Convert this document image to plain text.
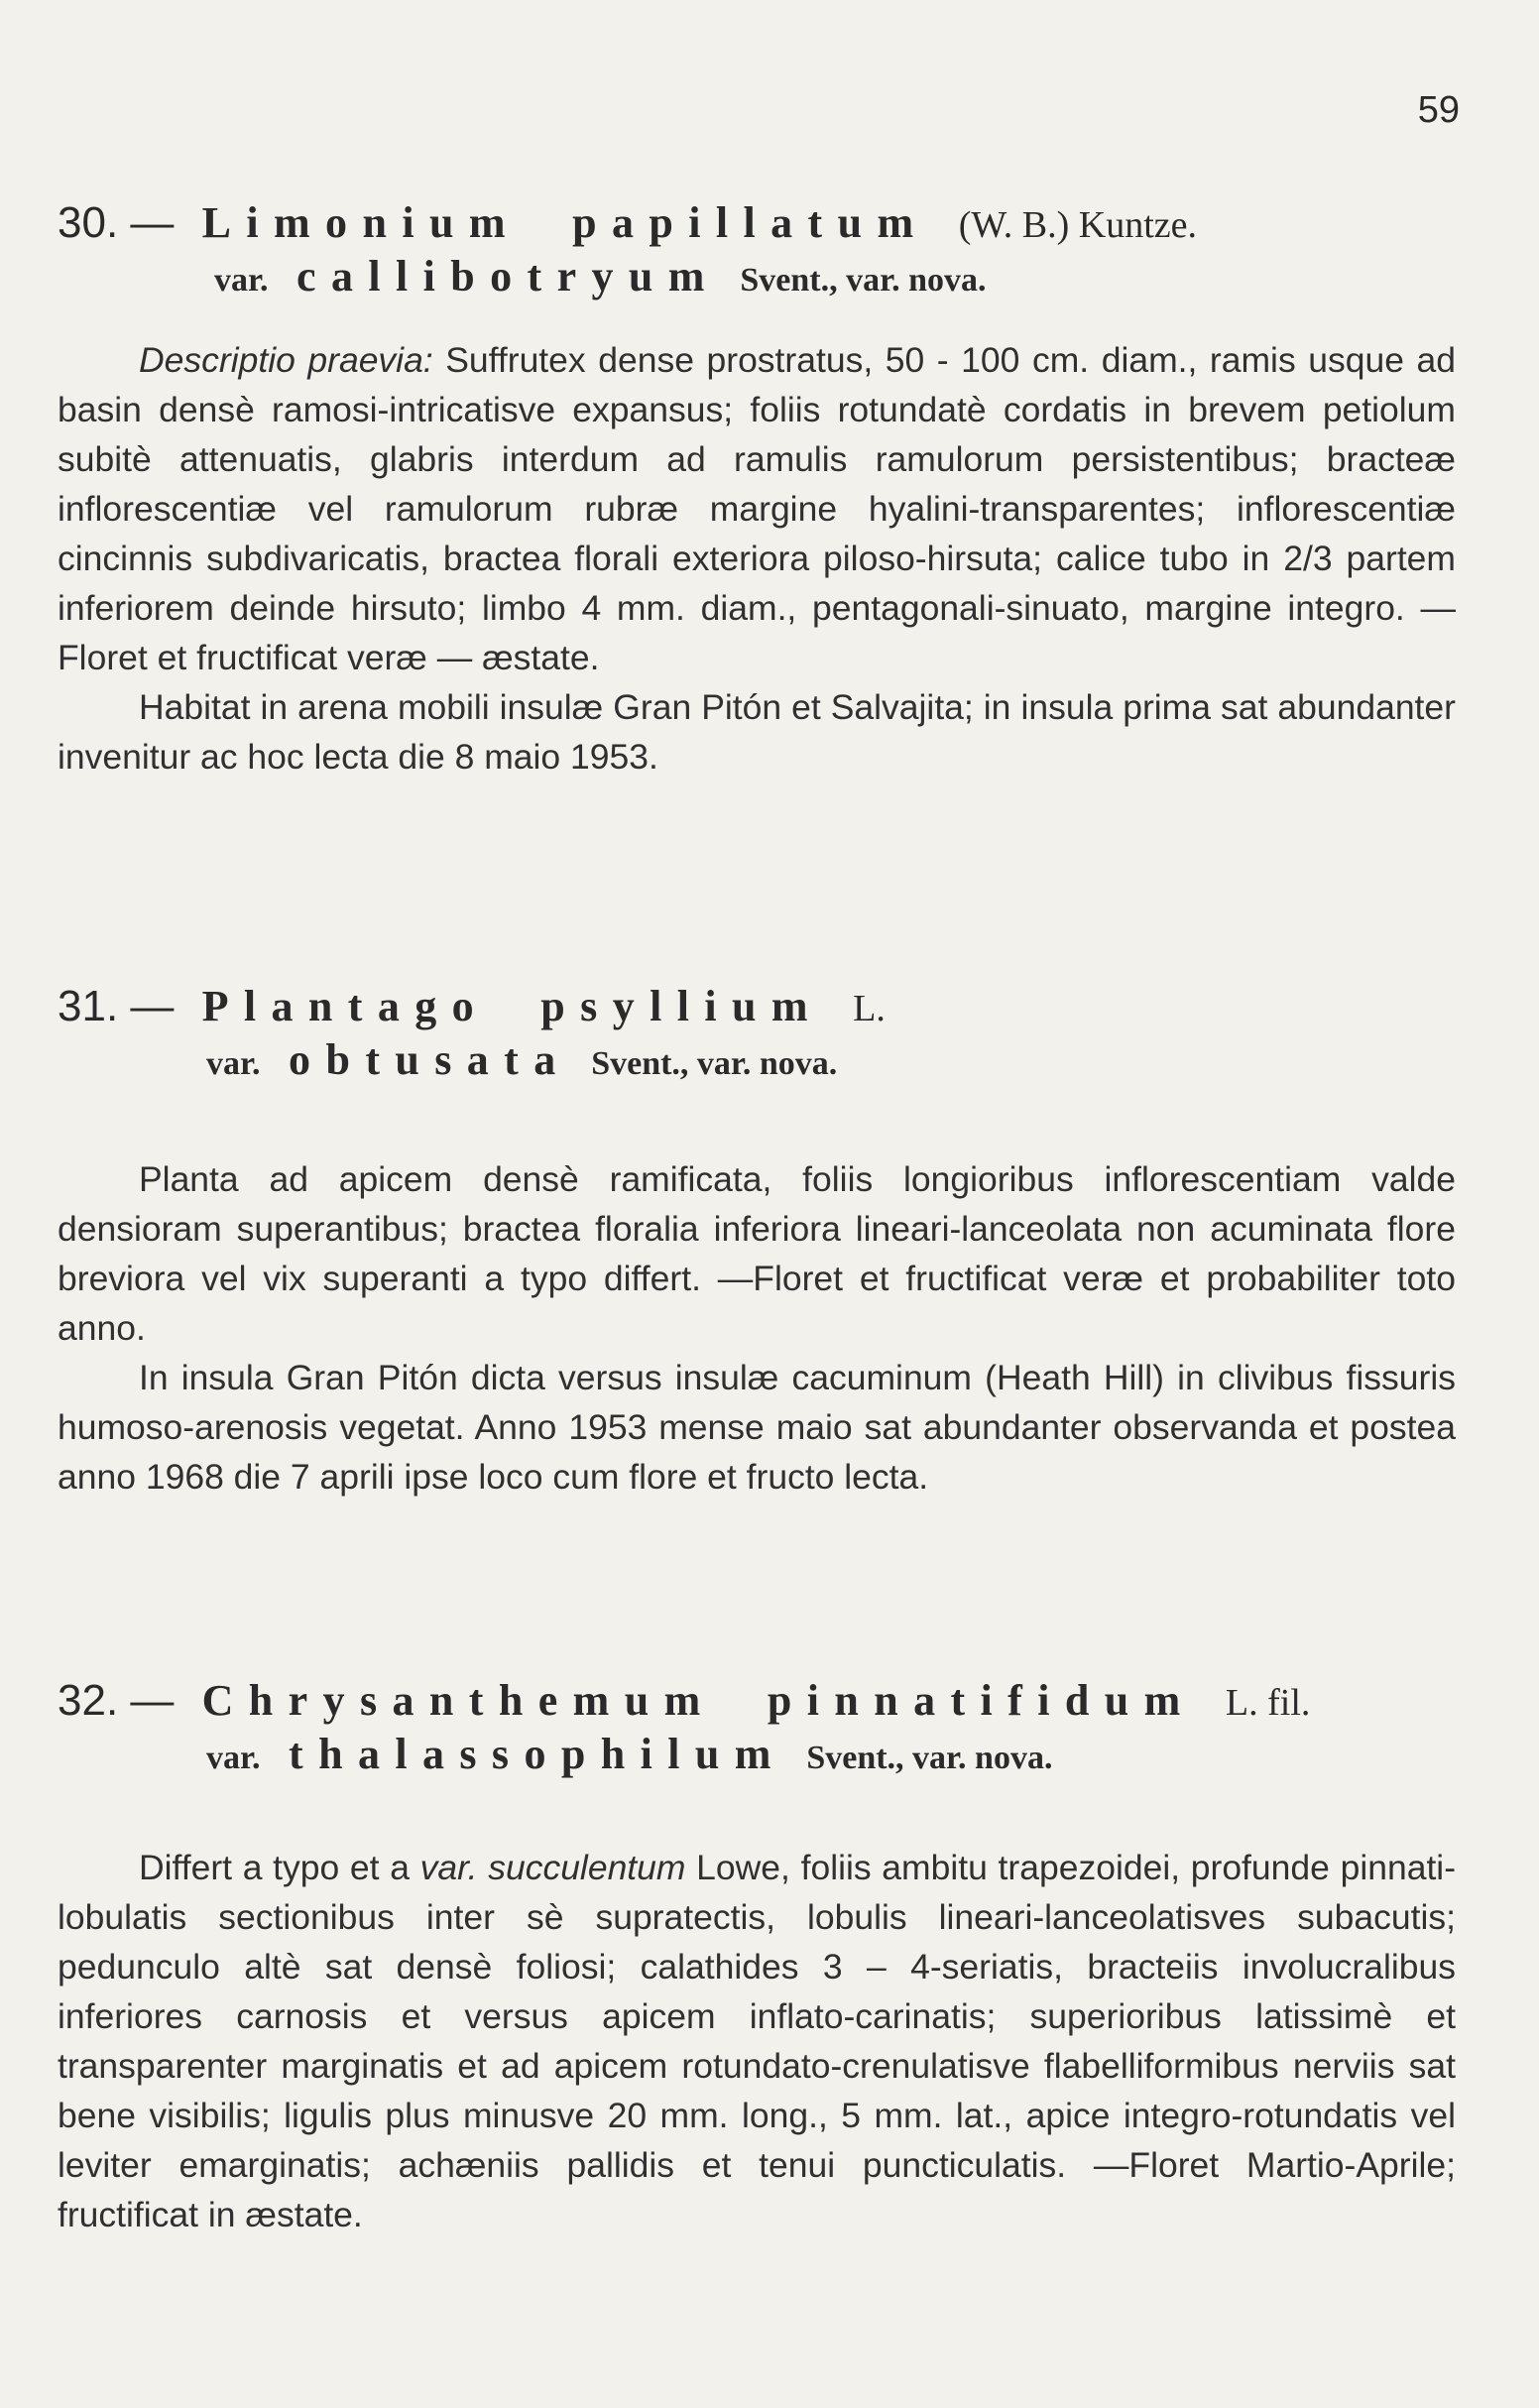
59
30. — Limonium papillatum (W. B.) Kuntze.
var. callibotryum Svent., var. nova.

Descriptio praevia: Suffrutex dense prostratus, 50 - 100 cm. diam., ramis usque ad basin densè ramosi-intricatisve expansus; foliis rotundatè cordatis in brevem petiolum subitè attenuatis, glabris interdum ad ramulis ramulorum persistentibus; bracteæ inflorescentiæ vel ramulorum rubræ margine hyalini-transparentes; inflorescentiæ cincinnis subdivaricatis, bractea florali exteriora piloso-hirsuta; calice tubo in 2/3 partem inferiorem deinde hirsuto; limbo 4 mm. diam., pentagonali-sinuato, margine integro. —Floret et fructificat veræ — æstate.

Habitat in arena mobili insulæ Gran Pitón et Salvajita; in insula prima sat abundanter invenitur ac hoc lecta die 8 maio 1953.

31. — Plantago psyllium L.
var. obtusata Svent., var. nova.

Planta ad apicem densè ramificata, foliis longioribus inflorescentiam valde densioram superantibus; bractea floralia inferiora lineari-lanceolata non acuminata flore breviora vel vix superanti a typo differt. —Floret et fructificat veræ et probabiliter toto anno.

In insula Gran Pitón dicta versus insulæ cacuminum (Heath Hill) in clivibus fissuris humoso-arenosis vegetat. Anno 1953 mense maio sat abundanter observanda et postea anno 1968 die 7 aprili ipse loco cum flore et fructo lecta.

32. — Chrysanthemum pinnatifidum L. fil.
var. thalassophilum Svent., var. nova.

Differt a typo et a var. succulentum Lowe, foliis ambitu trapezoidei, profunde pinnati-lobulatis sectionibus inter sè supratectis, lobulis lineari-lanceolatisves subacutis; pedunculo altè sat densè foliosi; calathides 3 – 4-seriatis, bracteiis involucralibus inferiores carnosis et versus apicem inflato-carinatis; superioribus latissimè et transparenter marginatis et ad apicem rotundato-crenulatisve flabelliformibus nerviis sat bene visibilis; ligulis plus minusve 20 mm. long., 5 mm. lat., apice integro-rotundatis vel leviter emarginatis; achæniis pallidis et tenui puncticulatis. —Floret Martio-Aprile; fructificat in æstate.
